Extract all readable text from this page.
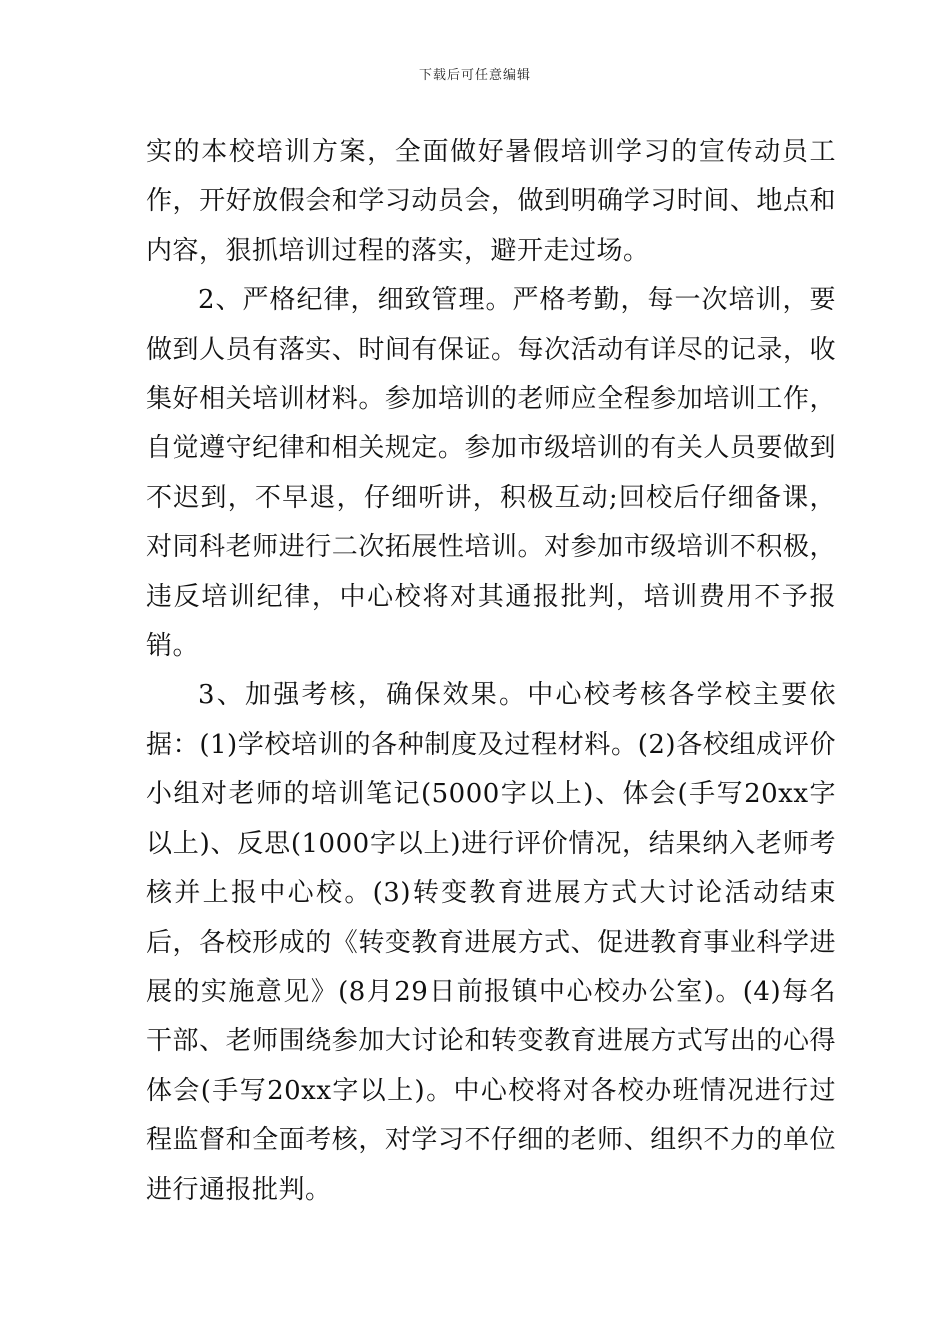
下载后可任意编辑

实的本校培训方案，全面做好暑假培训学习的宣传动员工作，开好放假会和学习动员会，做到明确学习时间、地点和内容，狠抓培训过程的落实，避开走过场。

2、严格纪律，细致管理。严格考勤，每一次培训，要做到人员有落实、时间有保证。每次活动有详尽的记录，收集好相关培训材料。参加培训的老师应全程参加培训工作，自觉遵守纪律和相关规定。参加市级培训的有关人员要做到不迟到，不早退，仔细听讲，积极互动;回校后仔细备课，对同科老师进行二次拓展性培训。对参加市级培训不积极，违反培训纪律，中心校将对其通报批判，培训费用不予报销。

3、加强考核，确保效果。中心校考核各学校主要依据：(1)学校培训的各种制度及过程材料。(2)各校组成评价小组对老师的培训笔记(5000字以上)、体会(手写20xx字以上)、反思(1000字以上)进行评价情况，结果纳入老师考核并上报中心校。(3)转变教育进展方式大讨论活动结束后，各校形成的《转变教育进展方式、促进教育事业科学进展的实施意见》(8月29日前报镇中心校办公室)。(4)每名干部、老师围绕参加大讨论和转变教育进展方式写出的心得体会(手写20xx字以上)。中心校将对各校办班情况进行过程监督和全面考核，对学习不仔细的老师、组织不力的单位进行通报批判。
